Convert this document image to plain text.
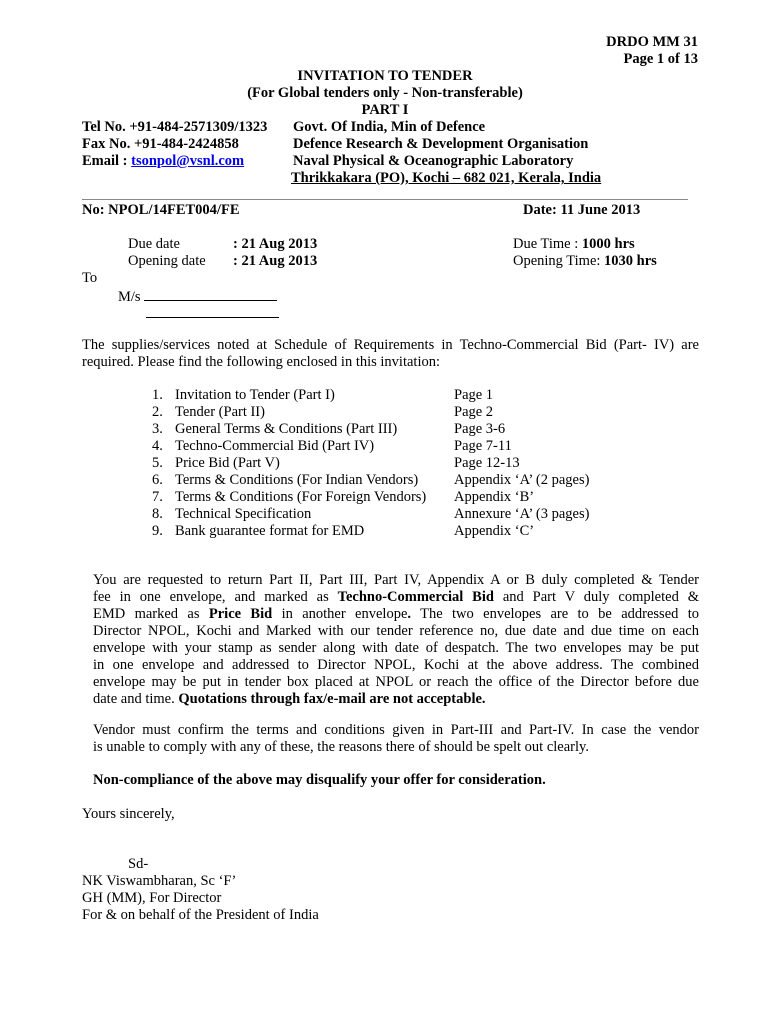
DRDO MM 31
Page 1 of 13
INVITATION TO TENDER
(For Global tenders only - Non-transferable)
PART I
Tel No. +91-484-2571309/1323
Fax No. +91-484-2424858
Email : tsonpol@vsnl.com
Govt. Of India, Min of Defence
Defence Research & Development Organisation
Naval Physical & Oceanographic Laboratory
Thrikkakara (PO), Kochi – 682 021, Kerala, India
No: NPOL/14FET004/FE	Date: 11 June 2013
Due date	: 21 Aug 2013
Opening date : 21 Aug 2013
Due Time : 1000 hrs
Opening Time: 1030 hrs
To
M/s
The supplies/services noted at Schedule of Requirements in Techno-Commercial Bid (Part- IV) are
required. Please find the following enclosed in this invitation:
1. Invitation to Tender (Part I)	Page 1
2. Tender (Part II)	Page 2
3. General Terms & Conditions (Part III)	Page 3-6
4. Techno-Commercial Bid (Part IV)	Page 7-11
5. Price Bid (Part V)	Page 12-13
6. Terms & Conditions (For Indian Vendors) Appendix ‘A’ (2 pages)
7. Terms & Conditions (For Foreign Vendors) Appendix ‘B’
8. Technical Specification	Annexure ‘A’ (3 pages)
9. Bank guarantee format for EMD	Appendix ‘C’
You are requested to return Part II, Part III, Part IV, Appendix A or B duly completed & Tender
fee in one envelope, and marked as Techno-Commercial Bid and Part V duly completed &
EMD marked as Price Bid in another envelope. The two envelopes are to be addressed to
Director NPOL, Kochi and Marked with our tender reference no, due date and due time on each
envelope with your stamp as sender along with date of despatch. The two envelopes may be put
in one envelope and addressed to Director NPOL, Kochi at the above address. The combined
envelope may be put in tender box placed at NPOL or reach the office of the Director before due
date and time. Quotations through fax/e-mail are not acceptable.
Vendor must confirm the terms and conditions given in Part-III and Part-IV. In case the vendor
is unable to comply with any of these, the reasons there of should be spelt out clearly.
Non-compliance of the above may disqualify your offer for consideration.
Yours sincerely,
Sd-
NK Viswambharan, Sc ‘F’
GH (MM), For Director
For & on behalf of the President of India
